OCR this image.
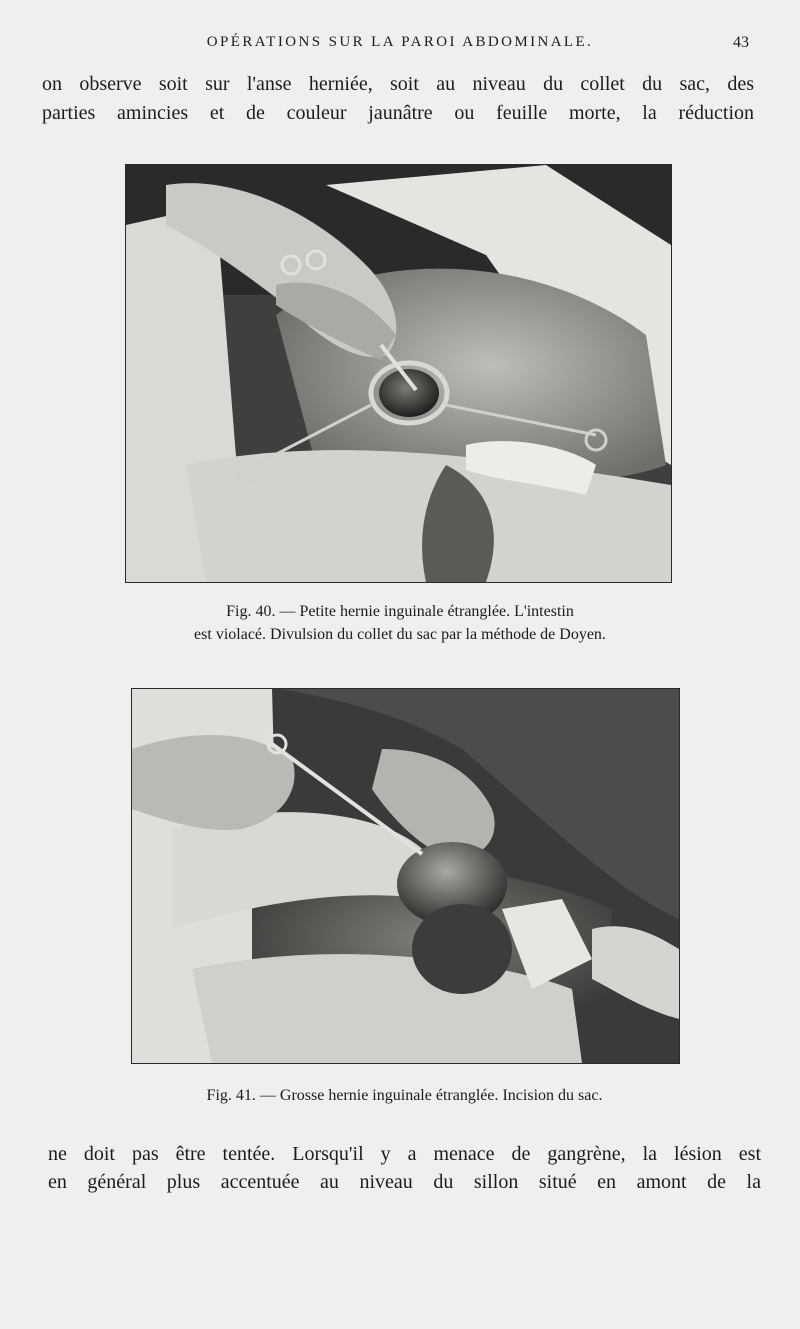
OPÉRATIONS SUR LA PAROI ABDOMINALE.	43
on observe soit sur l'anse herniée, soit au niveau du collet du sac, des
parties amincies et de couleur jaunâtre ou feuille morte, la réduction
Fig. 40. — Petite hernie inguinale étranglée. L'intestin
est violacé. Divulsion du collet du sac par la méthode de Doyen.
Fig. 41. — Grosse hernie inguinale étranglée. Incision du sac.
ne doit pas être tentée. Lorsqu'il y a menace de gangrène, la lésion est
en général plus accentuée au niveau du sillon situé en amont de la
